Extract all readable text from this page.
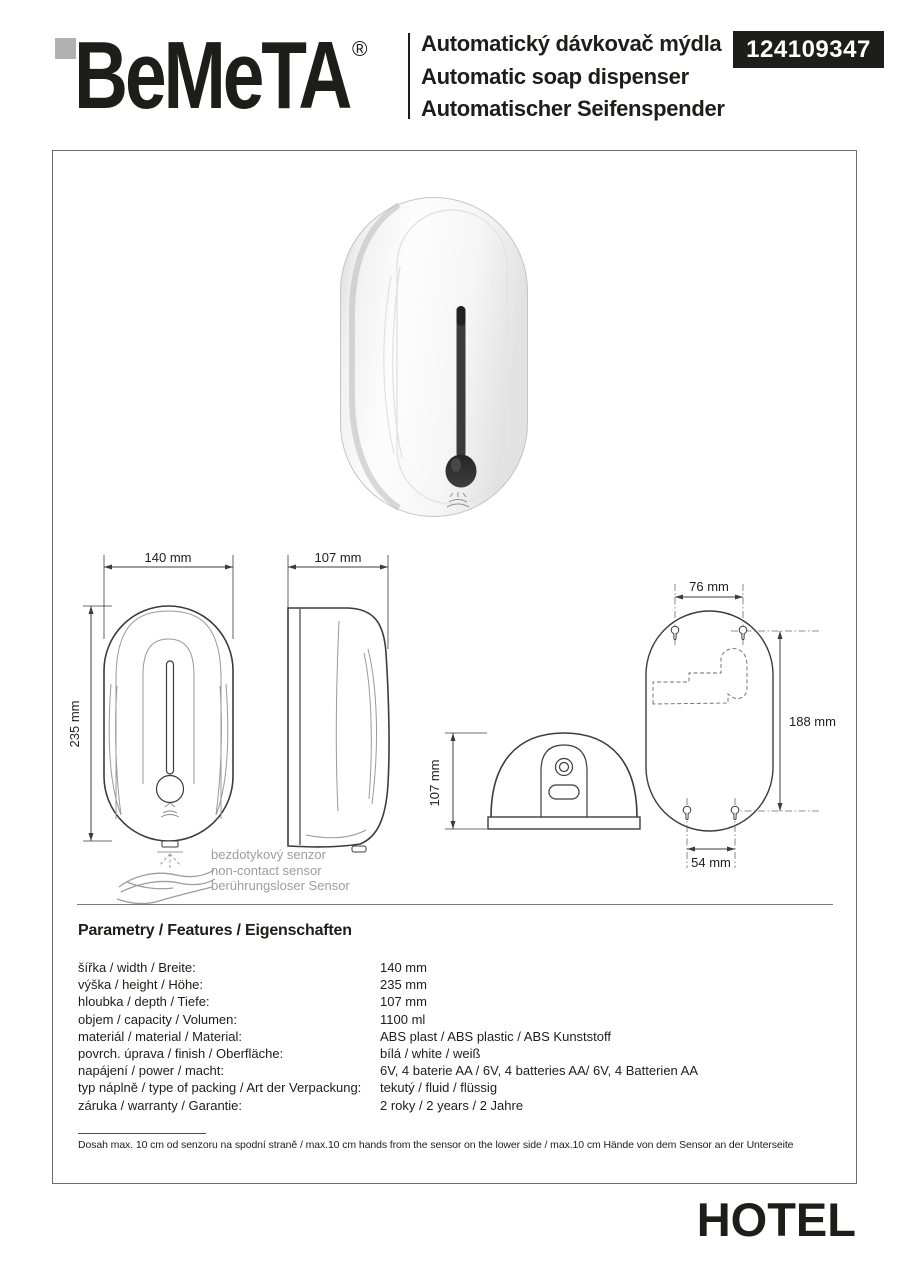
BeMeTA ® Automatický dávkovač mýdla
Automatic soap dispenser
Automatischer Seifenspender
124109347
140 mm
235 mm
107 mm
107 mm
76 mm
188 mm
54 mm
bezdotykový senzor
non-contact sensor
berührungsloser Sensor
Parametry / Features / Eigenschaften
šířka / width / Breite:	140 mm
výška / height / Höhe:	235 mm
hloubka / depth / Tiefe:	107 mm
objem / capacity / Volumen:	1100 ml
materiál / material / Material:	ABS plast / ABS plastic / ABS Kunststoff
povrch. úprava / finish / Oberfläche:	bílá / white / weiß
napájení / power / macht:	6V, 4 baterie AA / 6V, 4 batteries AA/ 6V, 4 Batterien AA
typ náplně / type of packing / Art der Verpackung:	tekutý / fluid / flüssig
záruka / warranty / Garantie:	2 roky / 2 years / 2 Jahre
Dosah max. 10 cm od senzoru na spodní straně / max.10 cm hands from the sensor on the lower side / max.10 cm Hände von dem Sensor an der Unterseite
HOTEL
